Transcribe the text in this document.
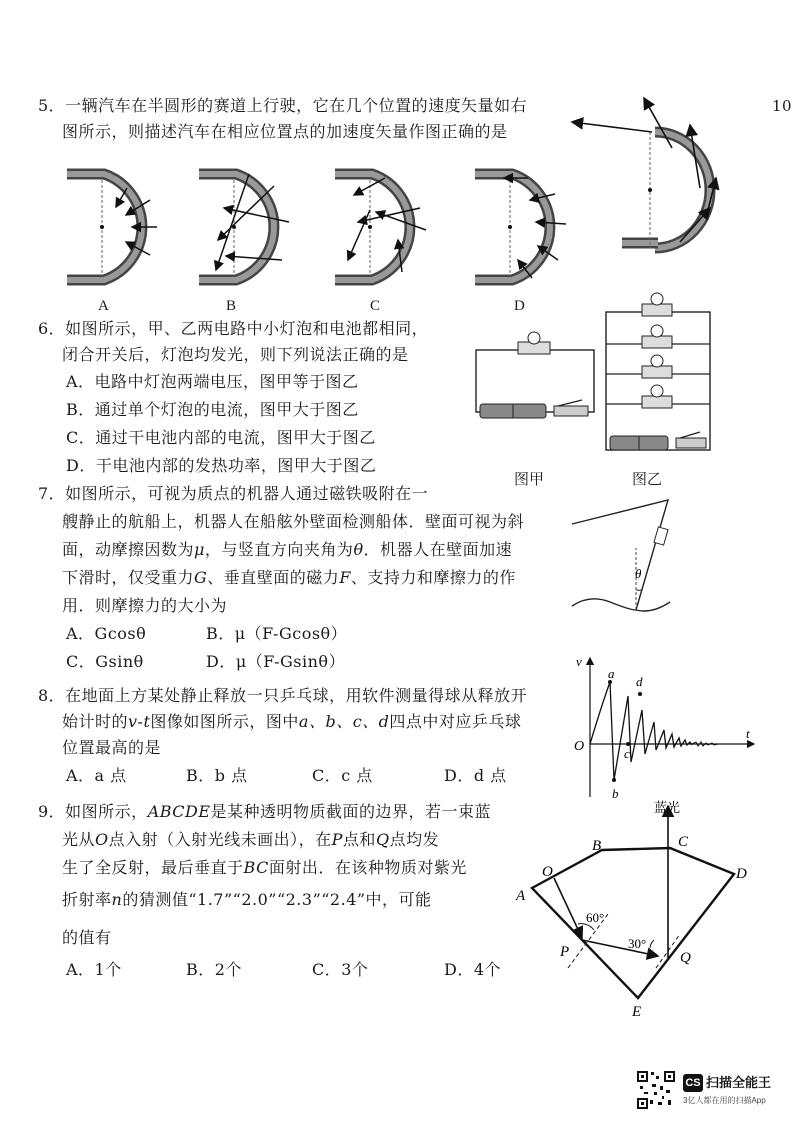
10
5．一辆汽车在半圆形的赛道上行驶，它在几个位置的速度矢量如右
图所示，则描述汽车在相应位置点的加速度矢量作图正确的是
A	B	C	D
6．如图所示，甲、乙两电路中小灯泡和电池都相同，
闭合开关后，灯泡均发光，则下列说法正确的是
A．电路中灯泡两端电压，图甲等于图乙
B．通过单个灯泡的电流，图甲大于图乙
C．通过干电池内部的电流，图甲大于图乙
D．干电池内部的发热功率，图甲大于图乙
图甲	图乙
7．如图所示，可视为质点的机器人通过磁铁吸附在一
艘静止的航船上，机器人在船舷外壁面检测船体．壁面可视为斜
面，动摩擦因数为μ，与竖直方向夹角为θ．机器人在壁面加速
下滑时，仅受重力G、垂直壁面的磁力F、支持力和摩擦力的作
用．则摩擦力的大小为
A．Gcosθ	B．μ（F-Gcosθ）
C．Gsinθ	D．μ（F-Gsinθ）
θ
8．在地面上方某处静止释放一只乒乓球，用软件测量得球从释放开
始计时的v-t图像如图所示，图中a、b、c、d四点中对应乒乓球
位置最高的是
A．a 点	B．b 点	C．c 点	D．d 点
v
t
O
a
b
c
d
9．如图所示，ABCDE是某种透明物质截面的边界，若一束蓝
光从O点入射（入射光线未画出），在P点和Q点均发
生了全反射，最后垂直于BC面射出．在该种物质对紫光
折射率n的猜测值“1.7”“2.0”“2.3”“2.4”中，可能
的值有
A．1个	B．2个	C．3个	D．4个
蓝光
A
B	C
D
E
O
P	Q
60°
30°
CS 扫描全能王
3亿人都在用的扫描App
